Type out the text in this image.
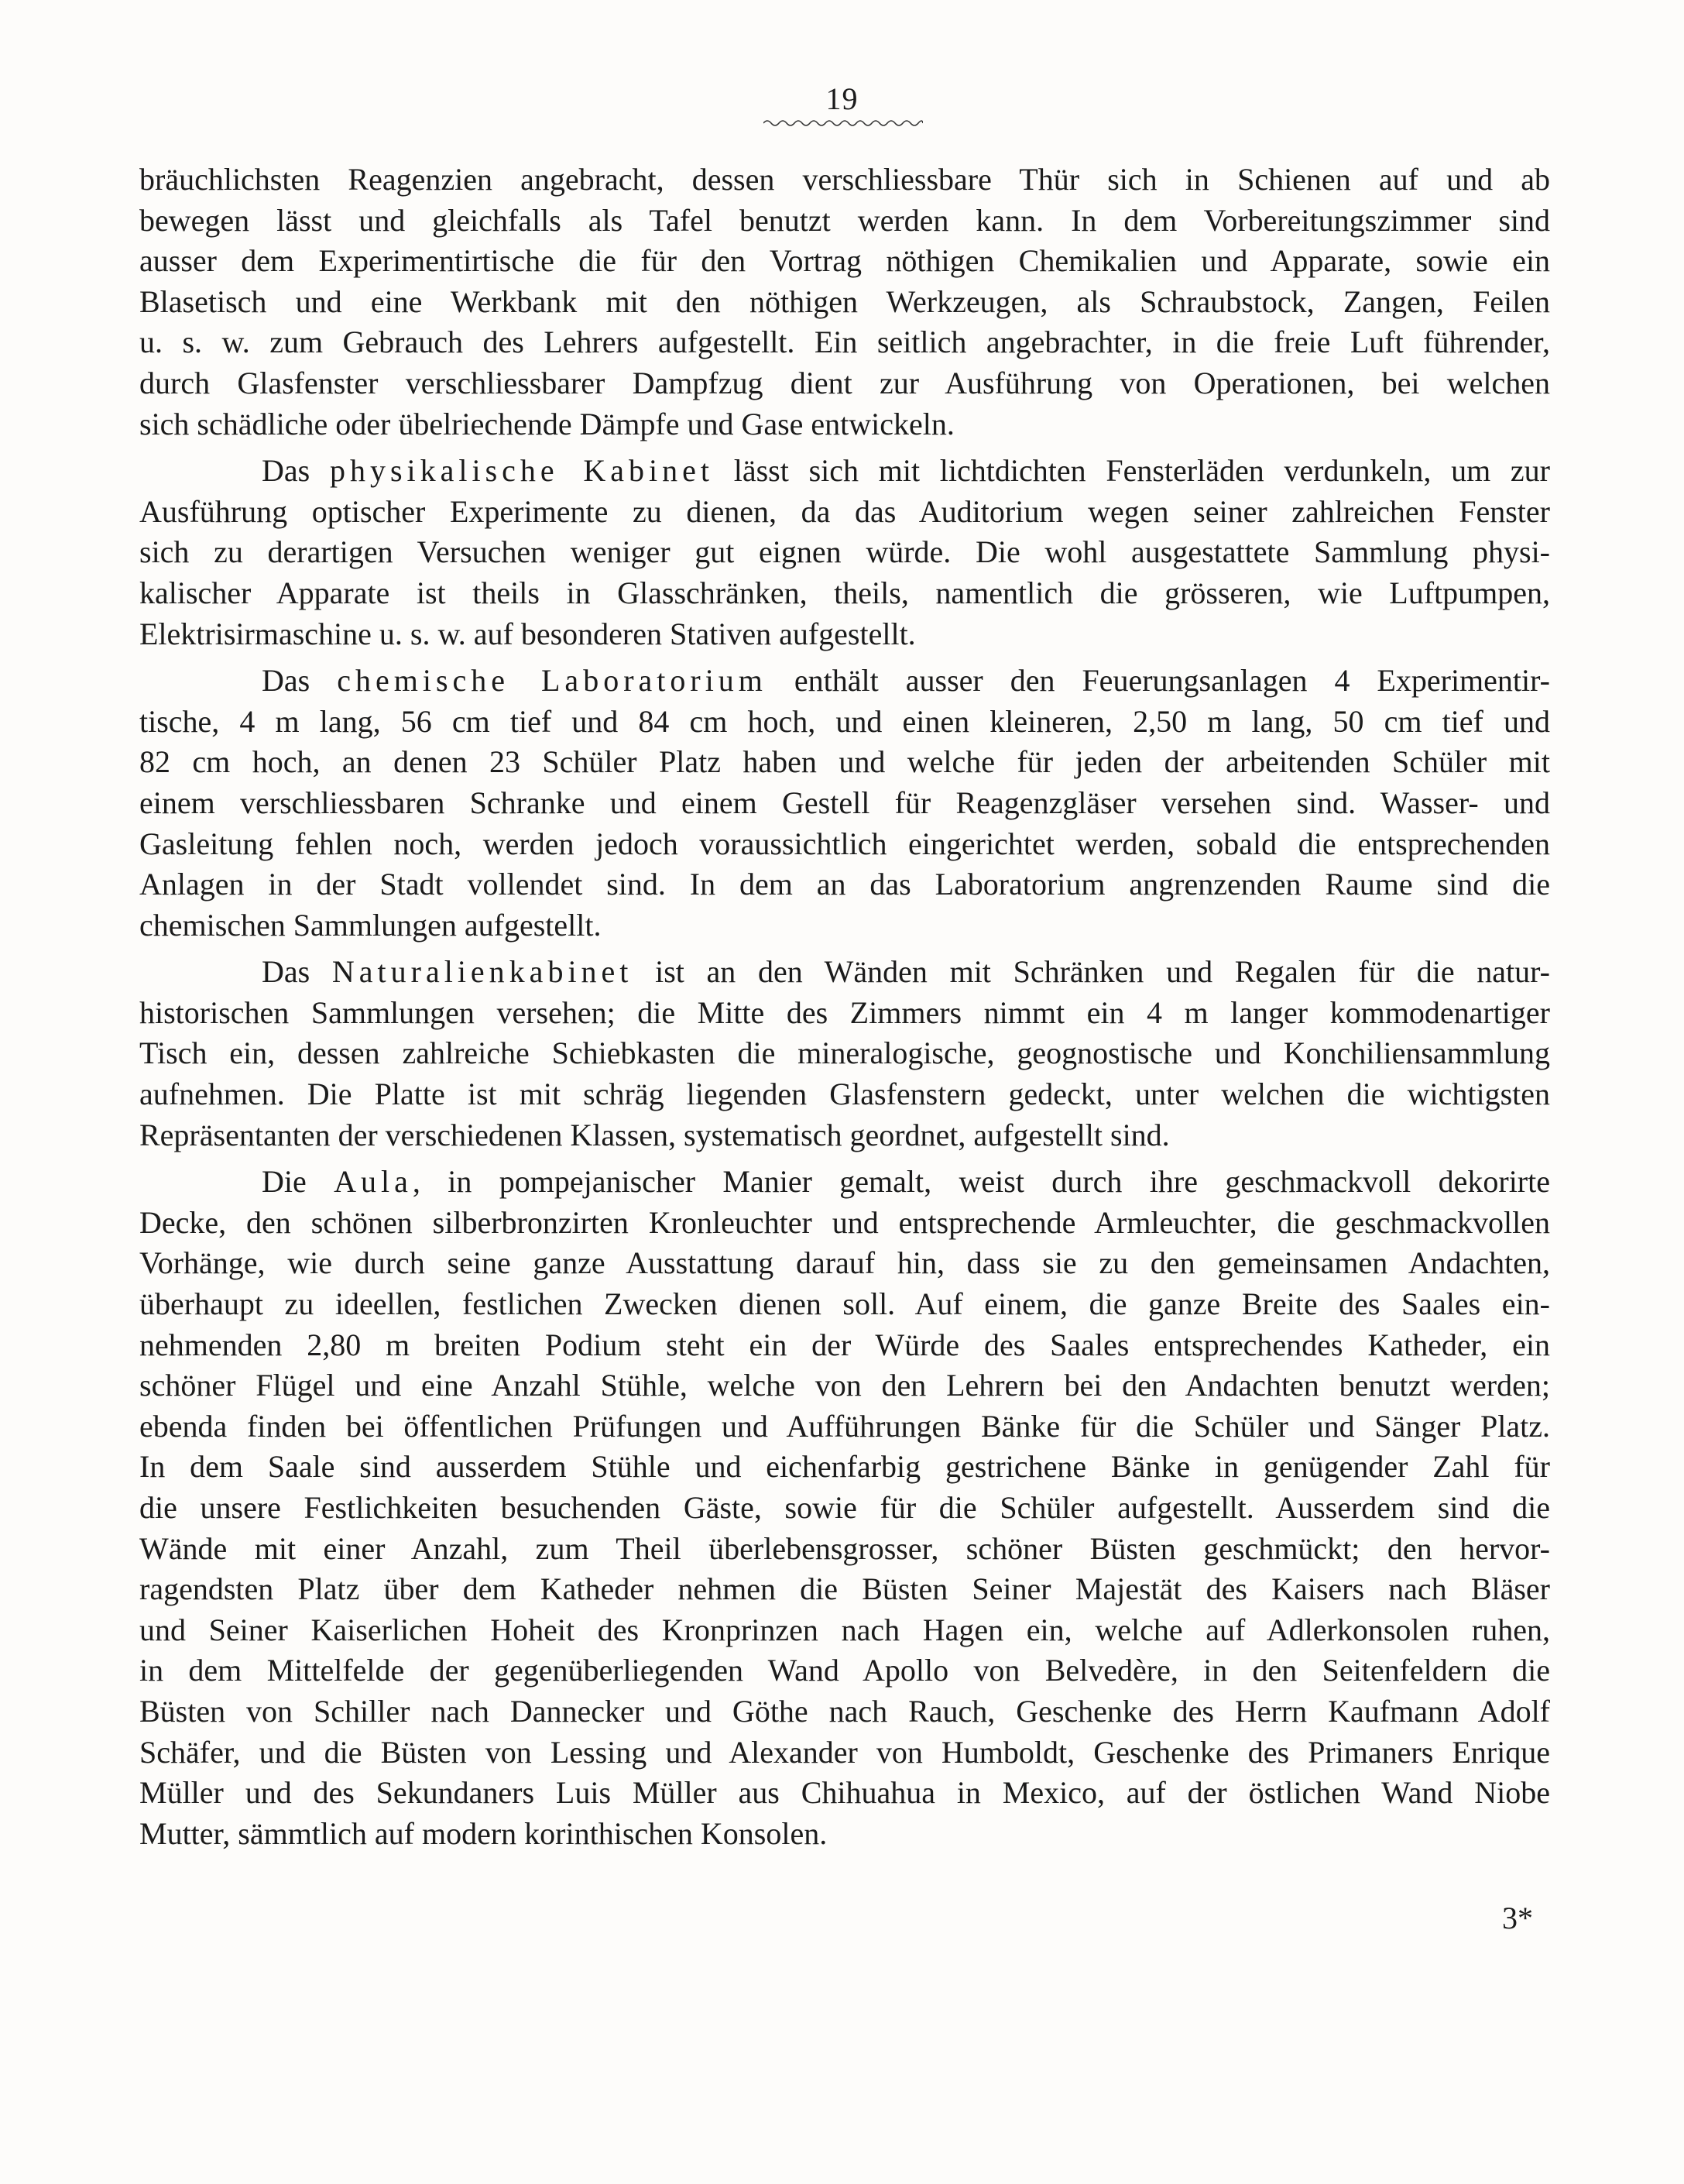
19
bräuchlichsten Reagenzien angebracht, dessen verschliessbare Thür sich in Schienen auf und ab
bewegen lässt und gleichfalls als Tafel benutzt werden kann. In dem Vorbereitungszimmer sind
ausser dem Experimentirtische die für den Vortrag nöthigen Chemikalien und Apparate, sowie ein
Blasetisch und eine Werkbank mit den nöthigen Werkzeugen, als Schraubstock, Zangen, Feilen
u. s. w. zum Gebrauch des Lehrers aufgestellt. Ein seitlich angebrachter, in die freie Luft führender,
durch Glasfenster verschliessbarer Dampfzug dient zur Ausführung von Operationen, bei welchen
sich schädliche oder übelriechende Dämpfe und Gase entwickeln.
Das physikalische Kabinet lässt sich mit lichtdichten Fensterläden verdunkeln, um zur
Ausführung optischer Experimente zu dienen, da das Auditorium wegen seiner zahlreichen Fenster
sich zu derartigen Versuchen weniger gut eignen würde. Die wohl ausgestattete Sammlung physi-
kalischer Apparate ist theils in Glasschränken, theils, namentlich die grösseren, wie Luftpumpen,
Elektrisirmaschine u. s. w. auf besonderen Stativen aufgestellt.
Das chemische Laboratorium enthält ausser den Feuerungsanlagen 4 Experimentir-
tische, 4 m lang, 56 cm tief und 84 cm hoch, und einen kleineren, 2,50 m lang, 50 cm tief und
82 cm hoch, an denen 23 Schüler Platz haben und welche für jeden der arbeitenden Schüler mit
einem verschliessbaren Schranke und einem Gestell für Reagenzgläser versehen sind. Wasser- und
Gasleitung fehlen noch, werden jedoch voraussichtlich eingerichtet werden, sobald die entsprechenden
Anlagen in der Stadt vollendet sind. In dem an das Laboratorium angrenzenden Raume sind die
chemischen Sammlungen aufgestellt.
Das Naturalienkabinet ist an den Wänden mit Schränken und Regalen für die natur-
historischen Sammlungen versehen; die Mitte des Zimmers nimmt ein 4 m langer kommodenartiger
Tisch ein, dessen zahlreiche Schiebkasten die mineralogische, geognostische und Konchiliensammlung
aufnehmen. Die Platte ist mit schräg liegenden Glasfenstern gedeckt, unter welchen die wichtigsten
Repräsentanten der verschiedenen Klassen, systematisch geordnet, aufgestellt sind.
Die Aula, in pompejanischer Manier gemalt, weist durch ihre geschmackvoll dekorirte
Decke, den schönen silberbronzirten Kronleuchter und entsprechende Armleuchter, die geschmackvollen
Vorhänge, wie durch seine ganze Ausstattung darauf hin, dass sie zu den gemeinsamen Andachten,
überhaupt zu ideellen, festlichen Zwecken dienen soll. Auf einem, die ganze Breite des Saales ein-
nehmenden 2,80 m breiten Podium steht ein der Würde des Saales entsprechendes Katheder, ein
schöner Flügel und eine Anzahl Stühle, welche von den Lehrern bei den Andachten benutzt werden;
ebenda finden bei öffentlichen Prüfungen und Aufführungen Bänke für die Schüler und Sänger Platz.
In dem Saale sind ausserdem Stühle und eichenfarbig gestrichene Bänke in genügender Zahl für
die unsere Festlichkeiten besuchenden Gäste, sowie für die Schüler aufgestellt. Ausserdem sind die
Wände mit einer Anzahl, zum Theil überlebensgrosser, schöner Büsten geschmückt; den hervor-
ragendsten Platz über dem Katheder nehmen die Büsten Seiner Majestät des Kaisers nach Bläser
und Seiner Kaiserlichen Hoheit des Kronprinzen nach Hagen ein, welche auf Adlerkonsolen ruhen,
in dem Mittelfelde der gegenüberliegenden Wand Apollo von Belvedère, in den Seitenfeldern die
Büsten von Schiller nach Dannecker und Göthe nach Rauch, Geschenke des Herrn Kaufmann Adolf
Schäfer, und die Büsten von Lessing und Alexander von Humboldt, Geschenke des Primaners Enrique
Müller und des Sekundaners Luis Müller aus Chihuahua in Mexico, auf der östlichen Wand Niobe
Mutter, sämmtlich auf modern korinthischen Konsolen.
3*
